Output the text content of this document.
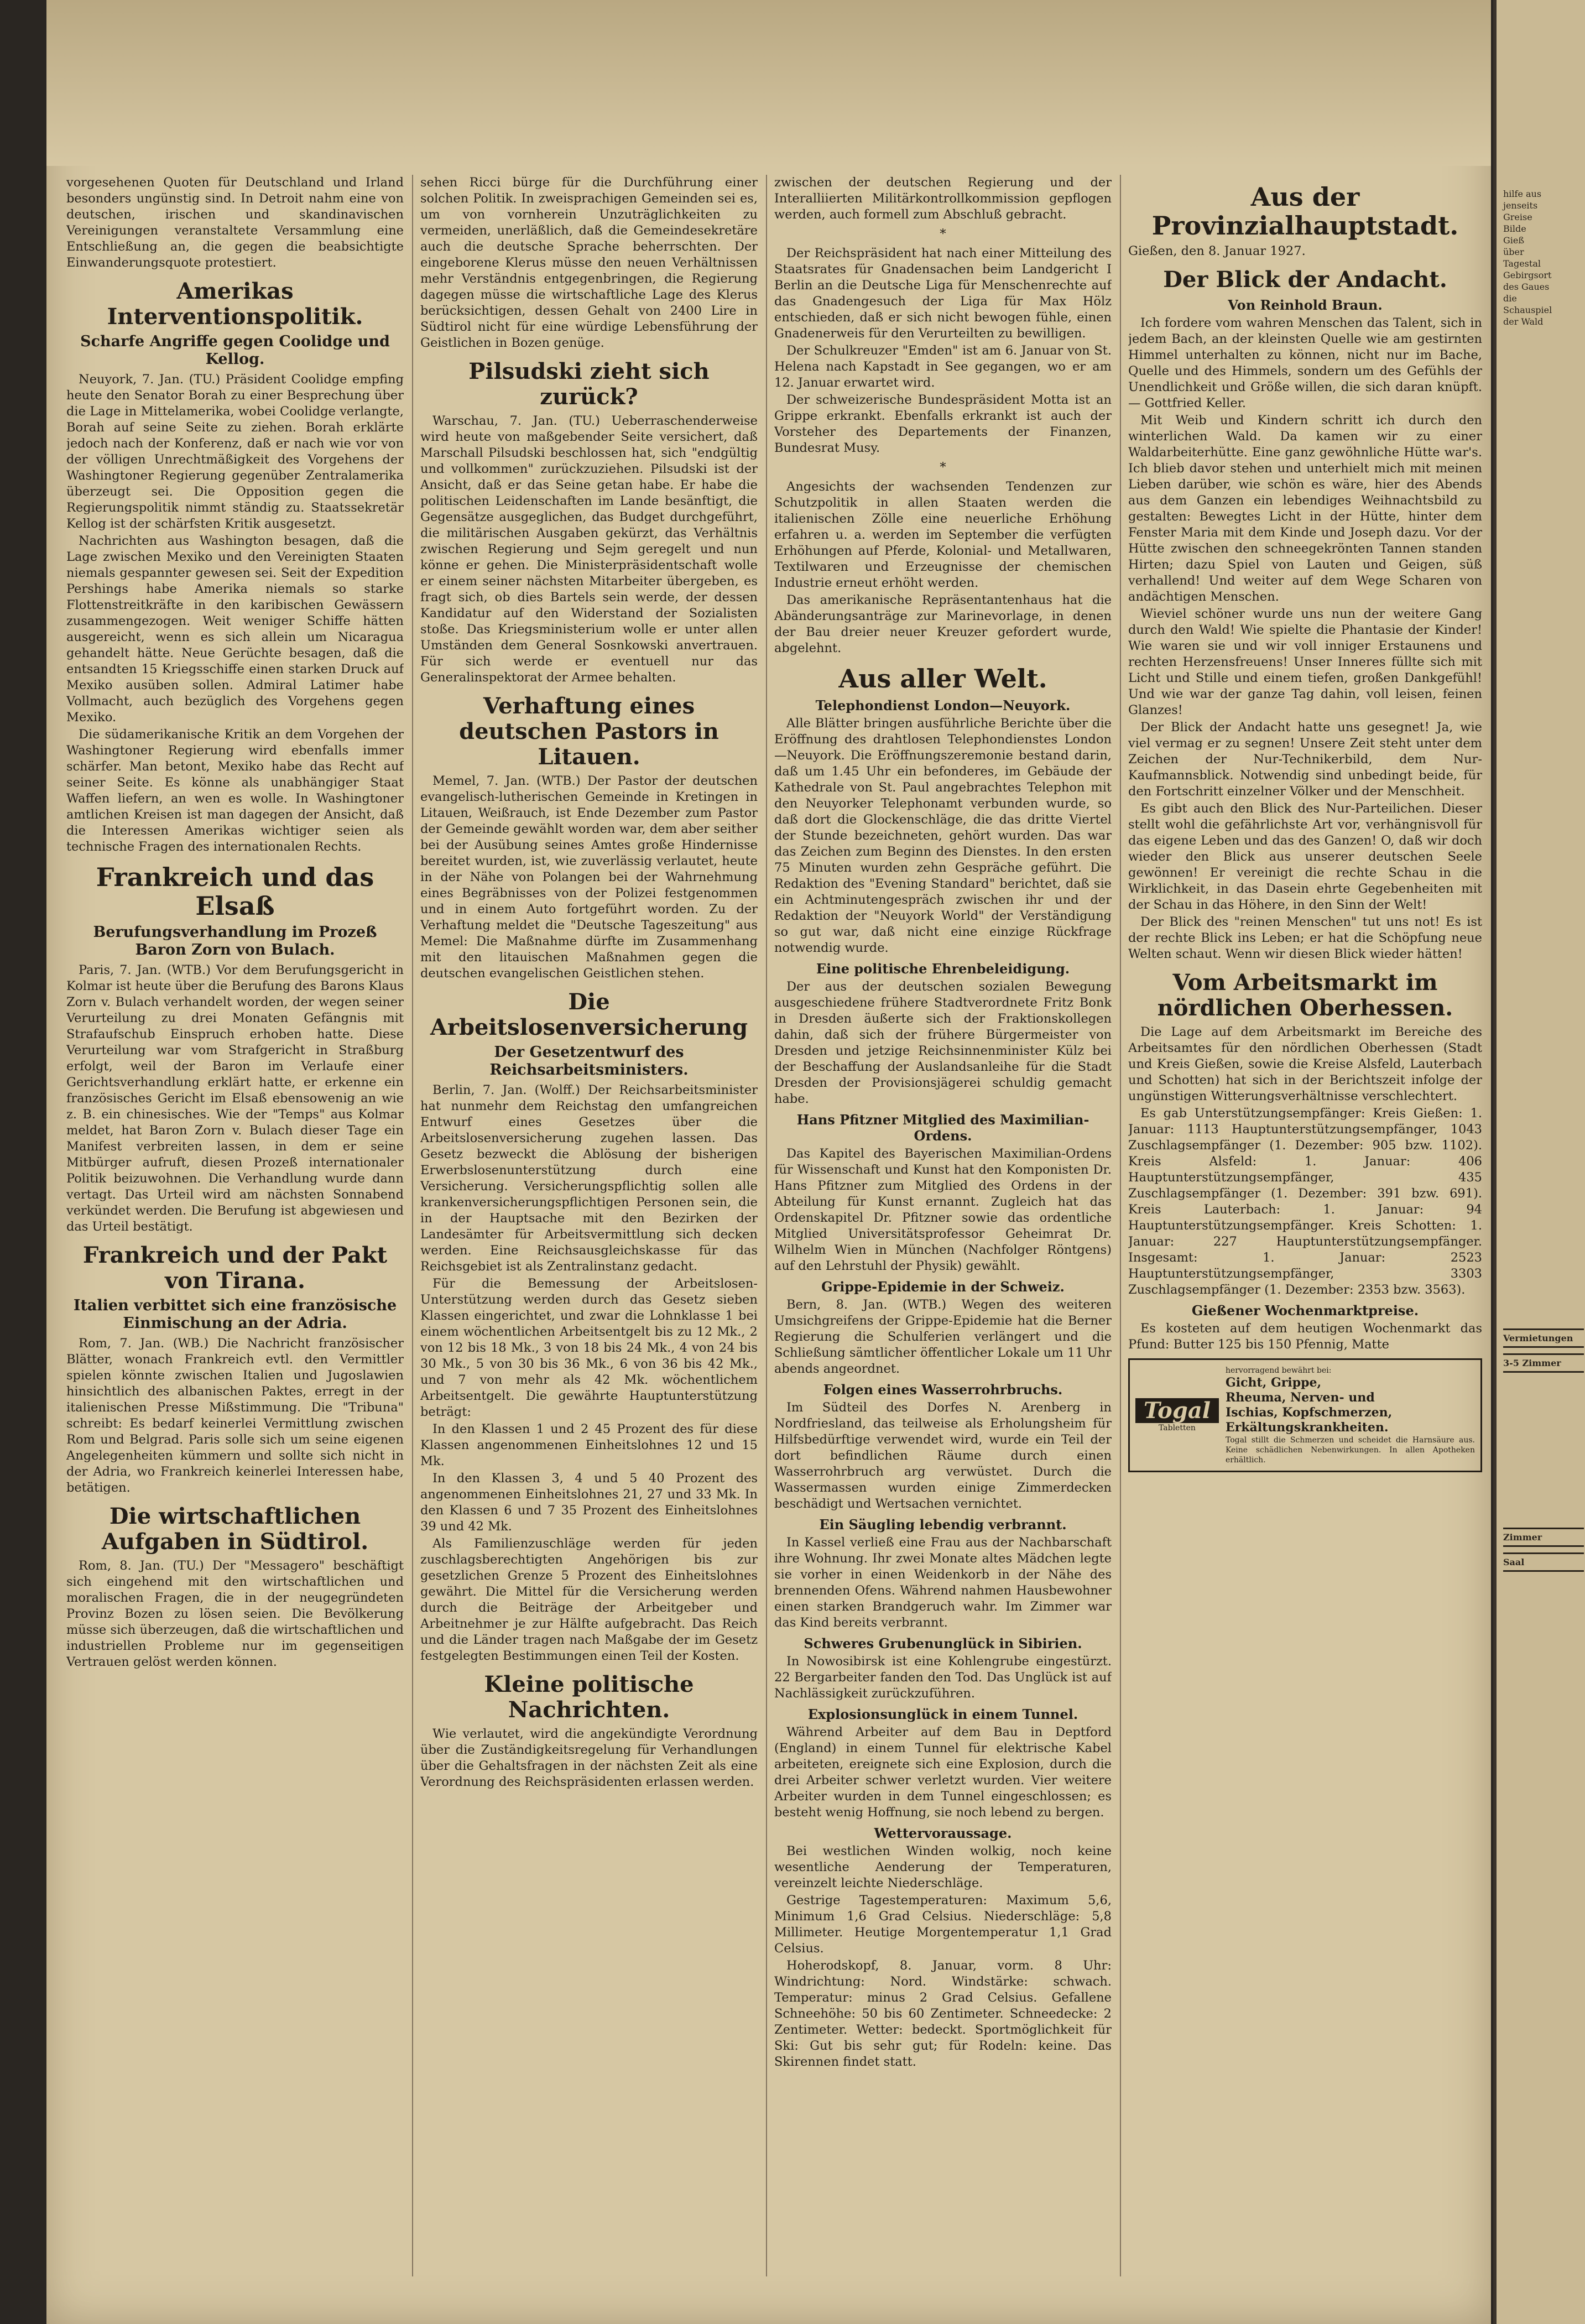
vorgesehenen Quoten für Deutschland und Irland besonders ungünstig sind. In Detroit nahm eine von deutschen, irischen und skandinavischen Vereinigungen veranstaltete Versammlung eine Entschließung an, die gegen die beabsichtigte Einwanderungsquote protestiert.

Amerikas Interventionspolitik.
Scharfe Angriffe gegen Coolidge und Kellog.

Neuyork, 7. Jan. (TU.) Präsident Coolidge empfing heute den Senator Borah zu einer Besprechung über die Lage in Mittelamerika, wobei Coolidge verlangte, Borah auf seine Seite zu ziehen. Borah erklärte jedoch nach der Konferenz, daß er nach wie vor von der völligen Unrechtmäßigkeit des Vorgehens der Washingtoner Regierung gegenüber Zentralamerika überzeugt sei. Die Opposition gegen die Regierungspolitik nimmt ständig zu. Staatssekretär Kellog ist der schärfsten Kritik ausgesetzt.

Nachrichten aus Washington besagen, daß die Lage zwischen Mexiko und den Vereinigten Staaten niemals gespannter gewesen sei. Seit der Expedition Pershings habe Amerika niemals so starke Flottenstreitkräfte in den karibischen Gewässern zusammengezogen. Weit weniger Schiffe hätten ausgereicht, wenn es sich allein um Nicaragua gehandelt hätte. Neue Gerüchte besagen, daß die entsandten 15 Kriegsschiffe einen starken Druck auf Mexiko ausüben sollen. Admiral Latimer habe Vollmacht, auch bezüglich des Vorgehens gegen Mexiko.

Die südamerikanische Kritik an dem Vorgehen der Washingtoner Regierung wird ebenfalls immer schärfer. Man betont, Mexiko habe das Recht auf seiner Seite. Es könne als unabhängiger Staat Waffen liefern, an wen es wolle. In Washingtoner amtlichen Kreisen ist man dagegen der Ansicht, daß die Interessen Amerikas wichtiger seien als technische Fragen des internationalen Rechts.

Frankreich und das Elsaß
Berufungsverhandlung im Prozeß Baron Zorn von Bulach.

Paris, 7. Jan. (WTB.) Vor dem Berufungsgericht in Kolmar ist heute über die Berufung des Barons Klaus Zorn v. Bulach verhandelt worden, der wegen seiner Verurteilung zu drei Monaten Gefängnis mit Strafaufschub Einspruch erhoben hatte. Diese Verurteilung war vom Strafgericht in Straßburg erfolgt, weil der Baron im Verlaufe einer Gerichtsverhandlung erklärt hatte, er erkenne ein französisches Gericht im Elsaß ebensowenig an wie z. B. ein chinesisches. Wie der "Temps" aus Kolmar meldet, hat Baron Zorn v. Bulach dieser Tage ein Manifest verbreiten lassen, in dem er seine Mitbürger aufruft, diesen Prozeß internationaler Politik beizuwohnen. Die Verhandlung wurde dann vertagt. Das Urteil wird am nächsten Sonnabend verkündet werden. Die Berufung ist abgewiesen und das Urteil bestätigt.

Frankreich und der Pakt von Tirana.
Italien verbittet sich eine französische Einmischung an der Adria.

Rom, 7. Jan. (WB.) Die Nachricht französischer Blätter, wonach Frankreich evtl. den Vermittler spielen könnte zwischen Italien und Jugoslawien hinsichtlich des albanischen Paktes, erregt in der italienischen Presse Mißstimmung. Die "Tribuna" schreibt: Es bedarf keinerlei Vermittlung zwischen Rom und Belgrad. Paris solle sich um seine eigenen Angelegenheiten kümmern und sollte sich nicht in der Adria, wo Frankreich keinerlei Interessen habe, betätigen.

Die wirtschaftlichen Aufgaben in Südtirol.

Rom, 8. Jan. (TU.) Der "Messagero" beschäftigt sich eingehend mit den wirtschaftlichen und moralischen Fragen, die in der neugegründeten Provinz Bozen zu lösen seien. Die Bevölkerung müsse sich überzeugen, daß die wirtschaftlichen und industriellen Probleme nur im gegenseitigen Vertrauen gelöst werden können.

sehen Ricci bürge für die Durchführung einer solchen Politik. In zweisprachigen Gemeinden sei es, um von vornherein Unzuträglichkeiten zu vermeiden, unerläßlich, daß die Gemeindesekretäre auch die deutsche Sprache beherrschten. Der eingeborene Klerus müsse den neuen Verhältnissen mehr Verständnis entgegenbringen, die Regierung dagegen müsse die wirtschaftliche Lage des Klerus berücksichtigen, dessen Gehalt von 2400 Lire in Südtirol nicht für eine würdige Lebensführung der Geistlichen in Bozen genüge.

Pilsudski zieht sich zurück?

Warschau, 7. Jan. (TU.) Ueberraschenderweise wird heute von maßgebender Seite versichert, daß Marschall Pilsudski beschlossen hat, sich "endgültig und vollkommen" zurückzuziehen. Pilsudski ist der Ansicht, daß er das Seine getan habe. Er habe die politischen Leidenschaften im Lande besänftigt, die Gegensätze ausgeglichen, das Budget durchgeführt, die militärischen Ausgaben gekürzt, das Verhältnis zwischen Regierung und Sejm geregelt und nun könne er gehen. Die Ministerpräsidentschaft wolle er einem seiner nächsten Mitarbeiter übergeben, es fragt sich, ob dies Bartels sein werde, der dessen Kandidatur auf den Widerstand der Sozialisten stoße. Das Kriegsministerium wolle er unter allen Umständen dem General Sosnkowski anvertrauen. Für sich werde er eventuell nur das Generalinspektorat der Armee behalten.

Verhaftung eines deutschen Pastors in Litauen.

Memel, 7. Jan. (WTB.) Der Pastor der deutschen evangelisch-lutherischen Gemeinde in Kretingen in Litauen, Weißrauch, ist Ende Dezember zum Pastor der Gemeinde gewählt worden war, dem aber seither bei der Ausübung seines Amtes große Hindernisse bereitet wurden, ist, wie zuverlässig verlautet, heute in der Nähe von Polangen bei der Wahrnehmung eines Begräbnisses von der Polizei festgenommen und in einem Auto fortgeführt worden. Zu der Verhaftung meldet die "Deutsche Tageszeitung" aus Memel: Die Maßnahme dürfte im Zusammenhang mit den litauischen Maßnahmen gegen die deutschen evangelischen Geistlichen stehen.

Die Arbeitslosenversicherung
Der Gesetzentwurf des Reichsarbeitsministers.

Berlin, 7. Jan. (Wolff.) Der Reichsarbeitsminister hat nunmehr dem Reichstag den umfangreichen Entwurf eines Gesetzes über die Arbeitslosenversicherung zugehen lassen. Das Gesetz bezweckt die Ablösung der bisherigen Erwerbslosenunterstützung durch eine Versicherung. Versicherungspflichtig sollen alle krankenversicherungspflichtigen Personen sein, die in der Hauptsache mit den Bezirken der Landesämter für Arbeitsvermittlung sich decken werden. Eine Reichsausgleichskasse für das Reichsgebiet ist als Zentralinstanz gedacht.

Für die Bemessung der Arbeitslosen-Unterstützung werden durch das Gesetz sieben Klassen eingerichtet, und zwar die Lohnklasse 1 bei einem wöchentlichen Arbeitsentgelt bis zu 12 Mk., 2 von 12 bis 18 Mk., 3 von 18 bis 24 Mk., 4 von 24 bis 30 Mk., 5 von 30 bis 36 Mk., 6 von 36 bis 42 Mk., und 7 von mehr als 42 Mk. wöchentlichem Arbeitsentgelt. Die gewährte Hauptunterstützung beträgt:

In den Klassen 1 und 2 45 Prozent des für diese Klassen angenommenen Einheitslohnes 12 und 15 Mk.

In den Klassen 3, 4 und 5 40 Prozent des angenommenen Einheitslohnes 21, 27 und 33 Mk. In den Klassen 6 und 7 35 Prozent des Einheitslohnes 39 und 42 Mk.

Als Familienzuschläge werden für jeden zuschlagsberechtigten Angehörigen bis zur gesetzlichen Grenze 5 Prozent des Einheitslohnes gewährt. Die Mittel für die Versicherung werden durch die Beiträge der Arbeitgeber und Arbeitnehmer je zur Hälfte aufgebracht. Das Reich und die Länder tragen nach Maßgabe der im Gesetz festgelegten Bestimmungen einen Teil der Kosten.

Kleine politische Nachrichten.

Wie verlautet, wird die angekündigte Verordnung über die Zuständigkeitsregelung für Verhandlungen über die Gehaltsfragen in der nächsten Zeit als eine Verordnung des Reichspräsidenten erlassen werden.

zwischen der deutschen Regierung und der Interalliierten Militärkontrollkommission gepflogen werden, auch formell zum Abschluß gebracht.

*

Der Reichspräsident hat nach einer Mitteilung des Staatsrates für Gnadensachen beim Landgericht I Berlin an die Deutsche Liga für Menschenrechte auf das Gnadengesuch der Liga für Max Hölz entschieden, daß er sich nicht bewogen fühle, einen Gnadenerweis für den Verurteilten zu bewilligen.

Der Schulkreuzer "Emden" ist am 6. Januar von St. Helena nach Kapstadt in See gegangen, wo er am 12. Januar erwartet wird.

Der schweizerische Bundespräsident Motta ist an Grippe erkrankt. Ebenfalls erkrankt ist auch der Vorsteher des Departements der Finanzen, Bundesrat Musy.

*

Angesichts der wachsenden Tendenzen zur Schutzpolitik in allen Staaten werden die italienischen Zölle eine neuerliche Erhöhung erfahren u. a. werden im September die verfügten Erhöhungen auf Pferde, Kolonial- und Metallwaren, Textilwaren und Erzeugnisse der chemischen Industrie erneut erhöht werden.

Das amerikanische Repräsentantenhaus hat die Abänderungsanträge zur Marinevorlage, in denen der Bau dreier neuer Kreuzer gefordert wurde, abgelehnt.

Aus aller Welt.
Telephondienst London—Neuyork.

Alle Blätter bringen ausführliche Berichte über die Eröffnung des drahtlosen Telephondienstes London—Neuyork. Die Eröffnungszeremonie bestand darin, daß um 1.45 Uhr ein befonderes, im Gebäude der Kathedrale von St. Paul angebrachtes Telephon mit den Neuyorker Telephonamt verbunden wurde, so daß dort die Glockenschläge, die das dritte Viertel der Stunde bezeichneten, gehört wurden. Das war das Zeichen zum Beginn des Dienstes. In den ersten 75 Minuten wurden zehn Gespräche geführt. Die Redaktion des "Evening Standard" berichtet, daß sie ein Achtminutengespräch zwischen ihr und der Redaktion der "Neuyork World" der Verständigung so gut war, daß nicht eine einzige Rückfrage notwendig wurde.

Eine politische Ehrenbeleidigung.

Der aus der deutschen sozialen Bewegung ausgeschiedene frühere Stadtverordnete Fritz Bonk in Dresden äußerte sich der Fraktionskollegen dahin, daß sich der frühere Bürgermeister von Dresden und jetzige Reichsinnenminister Külz bei der Beschaffung der Auslandsanleihe für die Stadt Dresden der Provisionsjägerei schuldig gemacht habe.

Hans Pfitzner Mitglied des Maximilian-Ordens.

Das Kapitel des Bayerischen Maximilian-Ordens für Wissenschaft und Kunst hat den Komponisten Dr. Hans Pfitzner zum Mitglied des Ordens in der Abteilung für Kunst ernannt. Zugleich hat das Ordenskapitel Dr. Pfitzner sowie das ordentliche Mitglied Universitätsprofessor Geheimrat Dr. Wilhelm Wien in München (Nachfolger Röntgens) auf den Lehrstuhl der Physik) gewählt.

Grippe-Epidemie in der Schweiz.

Bern, 8. Jan. (WTB.) Wegen des weiteren Umsichgreifens der Grippe-Epidemie hat die Berner Regierung die Schulferien verlängert und die Schließung sämtlicher öffentlicher Lokale um 11 Uhr abends angeordnet.

Folgen eines Wasserrohrbruchs.

Im Südteil des Dorfes N. Arenberg in Nordfriesland, das teilweise als Erholungsheim für Hilfsbedürftige verwendet wird, wurde ein Teil der dort befindlichen Räume durch einen Wasserrohrbruch arg verwüstet. Durch die Wassermassen wurden einige Zimmerdecken beschädigt und Wertsachen vernichtet.

Ein Säugling lebendig verbrannt.

In Kassel verließ eine Frau aus der Nachbarschaft ihre Wohnung. Ihr zwei Monate altes Mädchen legte sie vorher in einen Weidenkorb in der Nähe des brennenden Ofens. Während nahmen Hausbewohner einen starken Brandgeruch wahr. Im Zimmer war das Kind bereits verbrannt.

Schweres Grubenunglück in Sibirien.

In Nowosibirsk ist eine Kohlengrube eingestürzt. 22 Bergarbeiter fanden den Tod. Das Unglück ist auf Nachlässigkeit zurückzuführen.

Explosionsunglück in einem Tunnel.

Während Arbeiter auf dem Bau in Deptford (England) in einem Tunnel für elektrische Kabel arbeiteten, ereignete sich eine Explosion, durch die drei Arbeiter schwer verletzt wurden. Vier weitere Arbeiter wurden in dem Tunnel eingeschlossen; es besteht wenig Hoffnung, sie noch lebend zu bergen.

Wettervoraussage.

Bei westlichen Winden wolkig, noch keine wesentliche Aenderung der Temperaturen, vereinzelt leichte Niederschläge.

Gestrige Tagestemperaturen: Maximum 5,6, Minimum 1,6 Grad Celsius. Niederschläge: 5,8 Millimeter. Heutige Morgentemperatur 1,1 Grad Celsius.

Hoherodskopf, 8. Januar, vorm. 8 Uhr: Windrichtung: Nord. Windstärke: schwach. Temperatur: minus 2 Grad Celsius. Gefallene Schneehöhe: 50 bis 60 Zentimeter. Schneedecke: 2 Zentimeter. Wetter: bedeckt. Sportmöglichkeit für Ski: Gut bis sehr gut; für Rodeln: keine. Das Skirennen findet statt.

Aus der Provinzialhauptstadt.

Gießen, den 8. Januar 1927.

Der Blick der Andacht.
Von Reinhold Braun.

Ich fordere vom wahren Menschen das Talent, sich in jedem Bach, an der kleinsten Quelle wie am gestirnten Himmel unterhalten zu können, nicht nur im Bache, Quelle und des Himmels, sondern um des Gefühls der Unendlichkeit und Größe willen, die sich daran knüpft. — Gottfried Keller.

Mit Weib und Kindern schritt ich durch den winterlichen Wald. Da kamen wir zu einer Waldarbeiterhütte. Eine ganz gewöhnliche Hütte war's. Ich blieb davor stehen und unterhielt mich mit meinen Lieben darüber, wie schön es wäre, hier des Abends aus dem Ganzen ein lebendiges Weihnachtsbild zu gestalten: Bewegtes Licht in der Hütte, hinter dem Fenster Maria mit dem Kinde und Joseph dazu. Vor der Hütte zwischen den schneegekrönten Tannen standen Hirten; dazu Spiel von Lauten und Geigen, süß verhallend! Und weiter auf dem Wege Scharen von andächtigen Menschen.

Wieviel schöner wurde uns nun der weitere Gang durch den Wald! Wie spielte die Phantasie der Kinder! Wie waren sie und wir voll inniger Erstaunens und rechten Herzensfreuens! Unser Inneres füllte sich mit Licht und Stille und einem tiefen, großen Dankgefühl! Und wie war der ganze Tag dahin, voll leisen, feinen Glanzes!

Der Blick der Andacht hatte uns gesegnet! Ja, wie viel vermag er zu segnen! Unsere Zeit steht unter dem Zeichen der Nur-Technikerbild, dem Nur-Kaufmannsblick. Notwendig sind unbedingt beide, für den Fortschritt einzelner Völker und der Menschheit.

Es gibt auch den Blick des Nur-Parteilichen. Dieser stellt wohl die gefährlichste Art vor, verhängnisvoll für das eigene Leben und das des Ganzen! O, daß wir doch wieder den Blick aus unserer deutschen Seele gewönnen! Er vereinigt die rechte Schau in die Wirklichkeit, in das Dasein ehrte Gegebenheiten mit der Schau in das Höhere, in den Sinn der Welt!

Der Blick des "reinen Menschen" tut uns not! Es ist der rechte Blick ins Leben; er hat die Schöpfung neue Welten schaut. Wenn wir diesen Blick wieder hätten!

Vom Arbeitsmarkt im nördlichen Oberhessen.

Die Lage auf dem Arbeitsmarkt im Bereiche des Arbeitsamtes für den nördlichen Oberhessen (Stadt und Kreis Gießen, sowie die Kreise Alsfeld, Lauterbach und Schotten) hat sich in der Berichtszeit infolge der ungünstigen Witterungsverhältnisse verschlechtert.

Es gab Unterstützungsempfänger: Kreis Gießen: 1. Januar: 1113 Hauptunterstützungsempfänger, 1043 Zuschlagsempfänger (1. Dezember: 905 bzw. 1102). Kreis Alsfeld: 1. Januar: 406 Hauptunterstützungsempfänger, 435 Zuschlagsempfänger (1. Dezember: 391 bzw. 691). Kreis Lauterbach: 1. Januar: 94 Hauptunterstützungsempfänger. Kreis Schotten: 1. Januar: 227 Hauptunterstützungsempfänger. Insgesamt: 1. Januar: 2523 Hauptunterstützungsempfänger, 3303 Zuschlagsempfänger (1. Dezember: 2353 bzw. 3563).

Gießener Wochenmarktpreise.

Es kosteten auf dem heutigen Wochenmarkt das Pfund: Butter 125 bis 150 Pfennig, Matte

Togal
Tabletten
hervorragend bewährt bei:
Gicht, Grippe,
Rheuma, Nerven- und
Ischias, Kopfschmerzen,
Erkältungskrankheiten.
Togal stillt die Schmerzen und scheidet die Harnsäure aus. Keine schädlichen Nebenwirkungen. In allen Apotheken erhältlich.
hilfe aus
jenseits
Greise
Bilde
Gieß
über
Tagestal
Gebirgsort
des Gaues
die
Schauspiel
der Wald
Vermietungen
3-5 Zimmer
Zimmer
Saal
